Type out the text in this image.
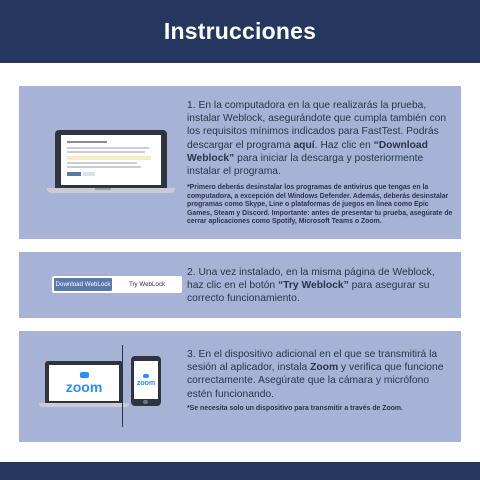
Instrucciones
1. En la computadora en la que realizarás la prueba, instalar Weblock, asegurándote que cumpla también con los requisitos mínimos indicados para FastTest. Podrás descargar el programa aquí. Haz clic en “Download Weblock” para iniciar la descarga y posteriormente instalar el programa.
*Primero deberás desinstalar los programas de antivirus que tengas en la computadora, a excepción del Windows Defender. Además, deberás desinstalar programas como Skype, Line o plataformas de juegos en línea como Epic Games, Steam y Discord. Importante: antes de presentar tu prueba, asegúrate de cerrar aplicaciones como Spotify, Microsoft Teams o Zoom.
Download WebLock	Try WebLock
2. Una vez instalado, en la misma página de Weblock, haz clic en el botón “Try Weblock” para asegurar su correcto funcionamiento.
zoom	zoom
3. En el dispositivo adicional en el que se transmitirá la sesión al aplicador, instala Zoom y verifica que funcione correctamente. Asegúrate que la cámara y micrófono estén funcionando.
*Se necesita solo un dispositivo para transmitir a través de Zoom.
